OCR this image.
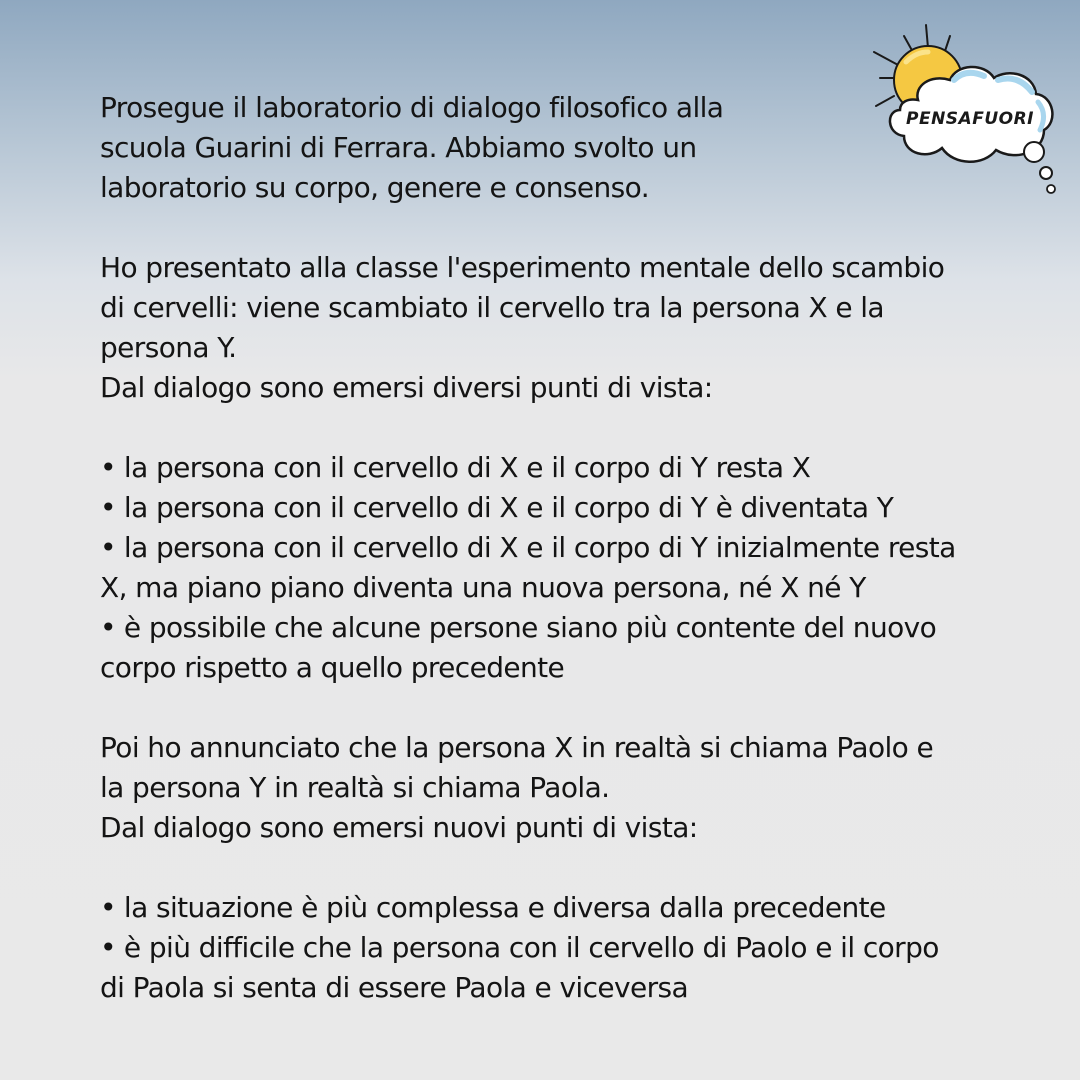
PENSAFUORI

Prosegue il laboratorio di dialogo filosofico alla
scuola Guarini di Ferrara. Abbiamo svolto un
laboratorio su corpo, genere e consenso.

Ho presentato alla classe l'esperimento mentale dello scambio
di cervelli: viene scambiato il cervello tra la persona X e la
persona Y.
Dal dialogo sono emersi diversi punti di vista:

• la persona con il cervello di X e il corpo di Y resta X
• la persona con il cervello di X e il corpo di Y è diventata Y
• la persona con il cervello di X e il corpo di Y inizialmente resta
X, ma piano piano diventa una nuova persona, né X né Y
• è possibile che alcune persone siano più contente del nuovo
corpo rispetto a quello precedente

Poi ho annunciato che la persona X in realtà si chiama Paolo e
la persona Y in realtà si chiama Paola.
Dal dialogo sono emersi nuovi punti di vista:

• la situazione è più complessa e diversa dalla precedente
• è più difficile che la persona con il cervello di Paolo e il corpo
di Paola si senta di essere Paola e viceversa
